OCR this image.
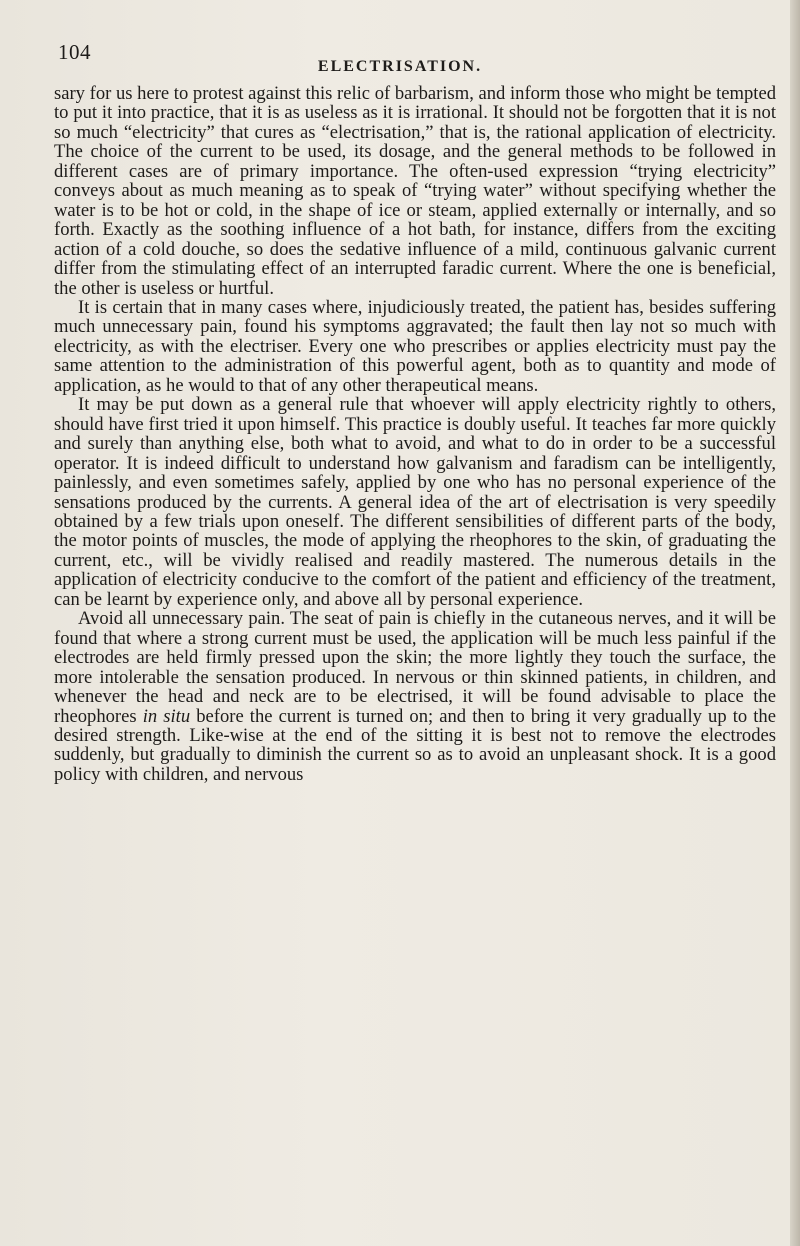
104
ELECTRISATION.

sary for us here to protest against this relic of barbarism, and inform those who might be tempted to put it into practice, that it is as useless as it is irrational. It should not be forgotten that it is not so much “electricity” that cures as “electrisation,” that is, the rational application of electricity. The choice of the current to be used, its dosage, and the general methods to be followed in different cases are of primary importance. The often-used expression “trying electricity” conveys about as much meaning as to speak of “trying water” without specifying whether the water is to be hot or cold, in the shape of ice or steam, applied externally or internally, and so forth. Exactly as the soothing influence of a hot bath, for instance, differs from the exciting action of a cold douche, so does the sedative influence of a mild, continuous galvanic current differ from the stimulating effect of an interrupted faradic current. Where the one is beneficial, the other is useless or hurtful.

It is certain that in many cases where, injudiciously treated, the patient has, besides suffering much unnecessary pain, found his symptoms aggravated; the fault then lay not so much with electricity, as with the electriser. Every one who prescribes or applies electricity must pay the same attention to the administration of this powerful agent, both as to quantity and mode of application, as he would to that of any other therapeutical means.

It may be put down as a general rule that whoever will apply electricity rightly to others, should have first tried it upon himself. This practice is doubly useful. It teaches far more quickly and surely than anything else, both what to avoid, and what to do in order to be a successful operator. It is indeed difficult to understand how galvanism and faradism can be intelligently, painlessly, and even sometimes safely, applied by one who has no personal experience of the sensations produced by the currents. A general idea of the art of electrisation is very speedily obtained by a few trials upon oneself. The different sensibilities of different parts of the body, the motor points of muscles, the mode of applying the rheophores to the skin, of graduating the current, etc., will be vividly realised and readily mastered. The numerous details in the application of electricity conducive to the comfort of the patient and efficiency of the treatment, can be learnt by experience only, and above all by personal experience.

Avoid all unnecessary pain. The seat of pain is chiefly in the cutaneous nerves, and it will be found that where a strong current must be used, the application will be much less painful if the electrodes are held firmly pressed upon the skin; the more lightly they touch the surface, the more intolerable the sensation produced. In nervous or thin skinned patients, in children, and whenever the head and neck are to be electrised, it will be found advisable to place the rheophores in situ before the current is turned on; and then to bring it very gradually up to the desired strength. Like-wise at the end of the sitting it is best not to remove the electrodes suddenly, but gradually to diminish the current so as to avoid an unpleasant shock. It is a good policy with children, and nervous
